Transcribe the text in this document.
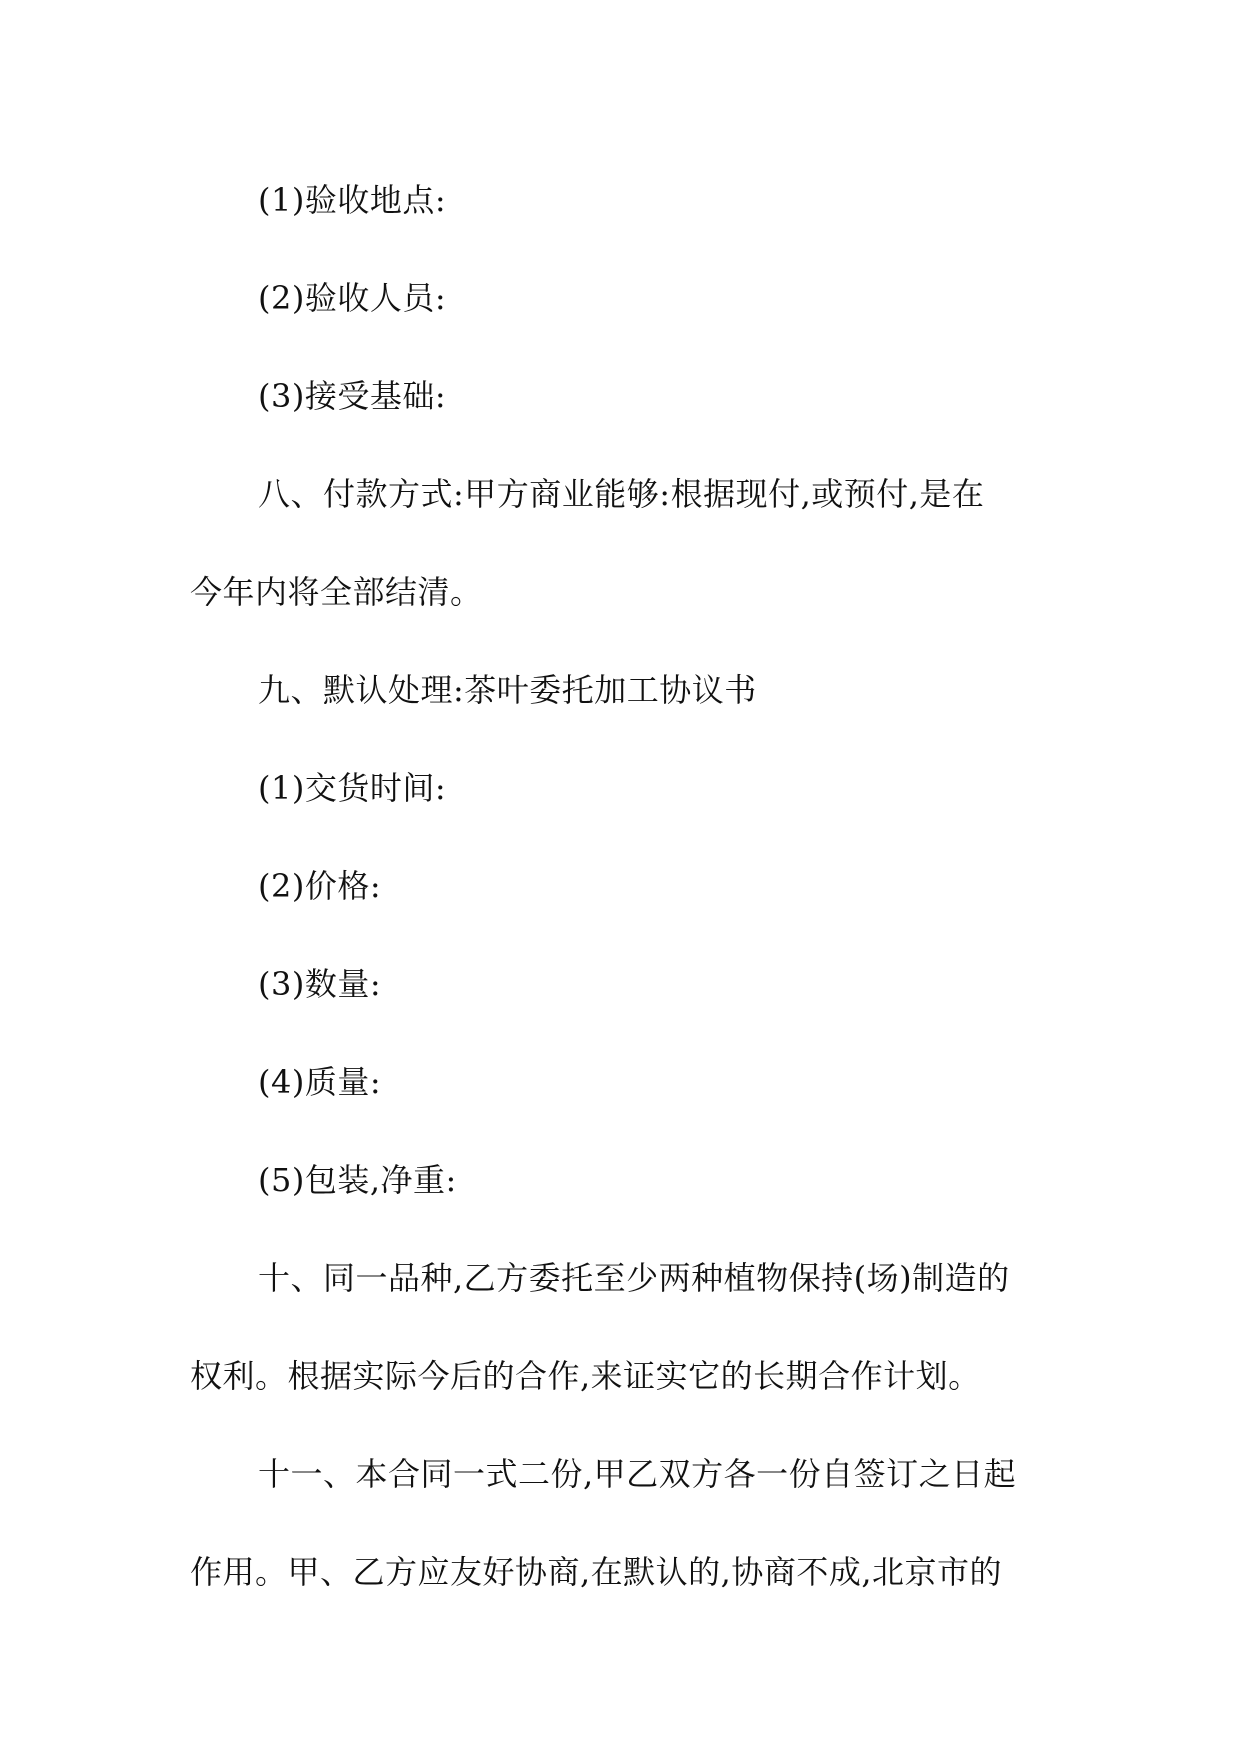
(1)验收地点:
(2)验收人员:
(3)接受基础:
八、付款方式:甲方商业能够:根据现付,或预付,是在
今年内将全部结清。
九、默认处理:茶叶委托加工协议书
(1)交货时间:
(2)价格:
(3)数量:
(4)质量:
(5)包装,净重:
十、同一品种,乙方委托至少两种植物保持(场)制造的
权利。根据实际今后的合作,来证实它的长期合作计划。
十一、本合同一式二份,甲乙双方各一份自签订之日起
作用。甲、乙方应友好协商,在默认的,协商不成,北京市的
